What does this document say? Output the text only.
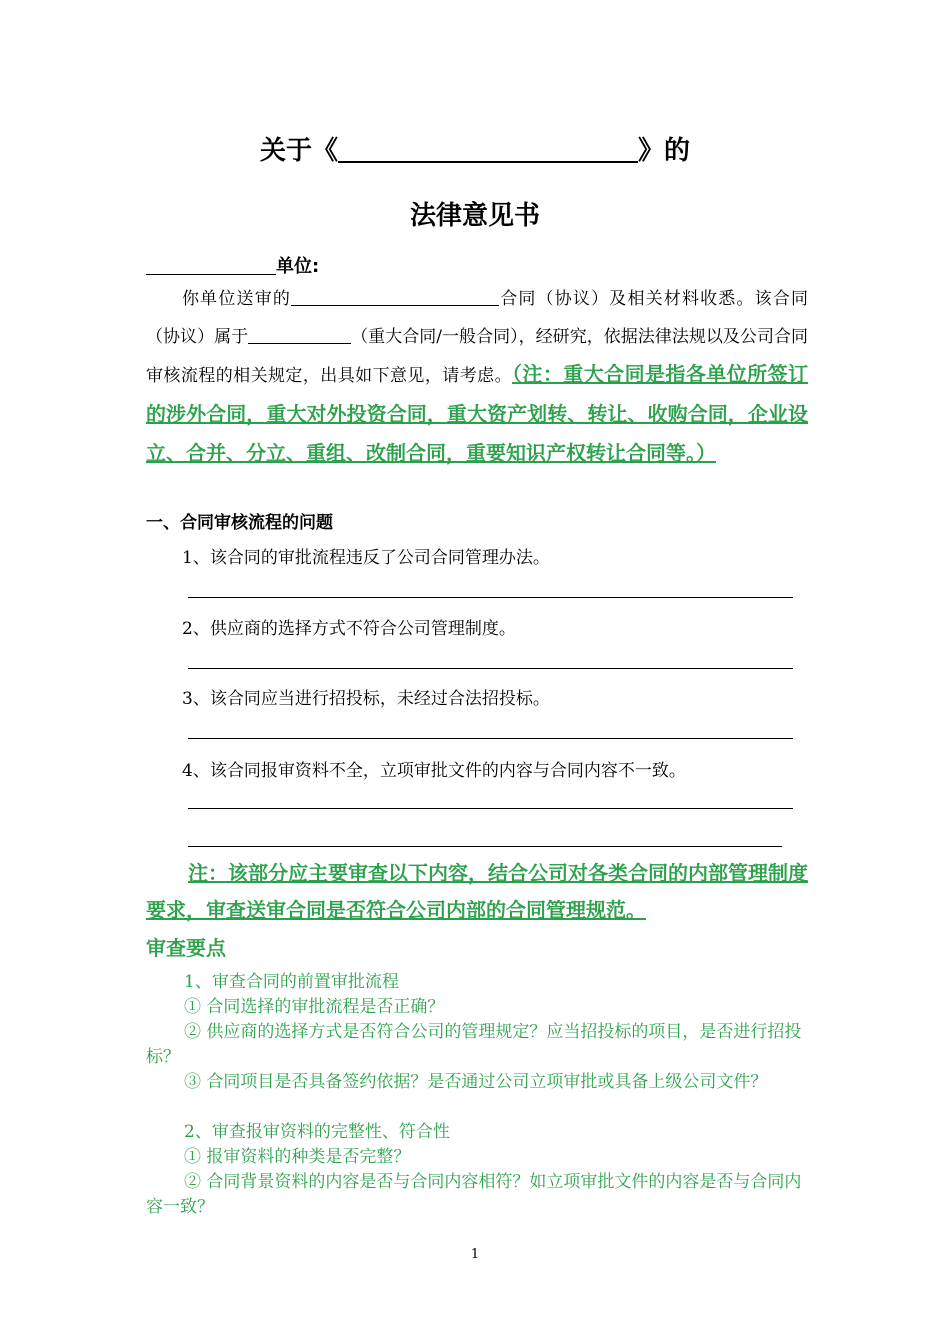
关于《	》的
法律意见书
单位:
你单位送审的	合同（协议）及相关材料收悉。该合同（协议）属于	（重大合同/一般合同），经研究，依据法律法规以及公司合同审核流程的相关规定，出具如下意见，请考虑。（注：重大合同是指各单位所签订的涉外合同，重大对外投资合同，重大资产划转、转让、收购合同，企业设立、合并、分立、重组、改制合同，重要知识产权转让合同等。）
一、合同审核流程的问题
1、该合同的审批流程违反了公司合同管理办法。
2、供应商的选择方式不符合公司管理制度。
3、该合同应当进行招投标，未经过合法招投标。
4、该合同报审资料不全，立项审批文件的内容与合同内容不一致。
注：该部分应主要审查以下内容，结合公司对各类合同的内部管理制度要求，审查送审合同是否符合公司内部的合同管理规范。
审查要点
1、审查合同的前置审批流程
① 合同选择的审批流程是否正确？
② 供应商的选择方式是否符合公司的管理规定？应当招投标的项目，是否进行招投标？
③ 合同项目是否具备签约依据？是否通过公司立项审批或具备上级公司文件？
2、审查报审资料的完整性、符合性
① 报审资料的种类是否完整？
② 合同背景资料的内容是否与合同内容相符？如立项审批文件的内容是否与合同内容一致？
1
